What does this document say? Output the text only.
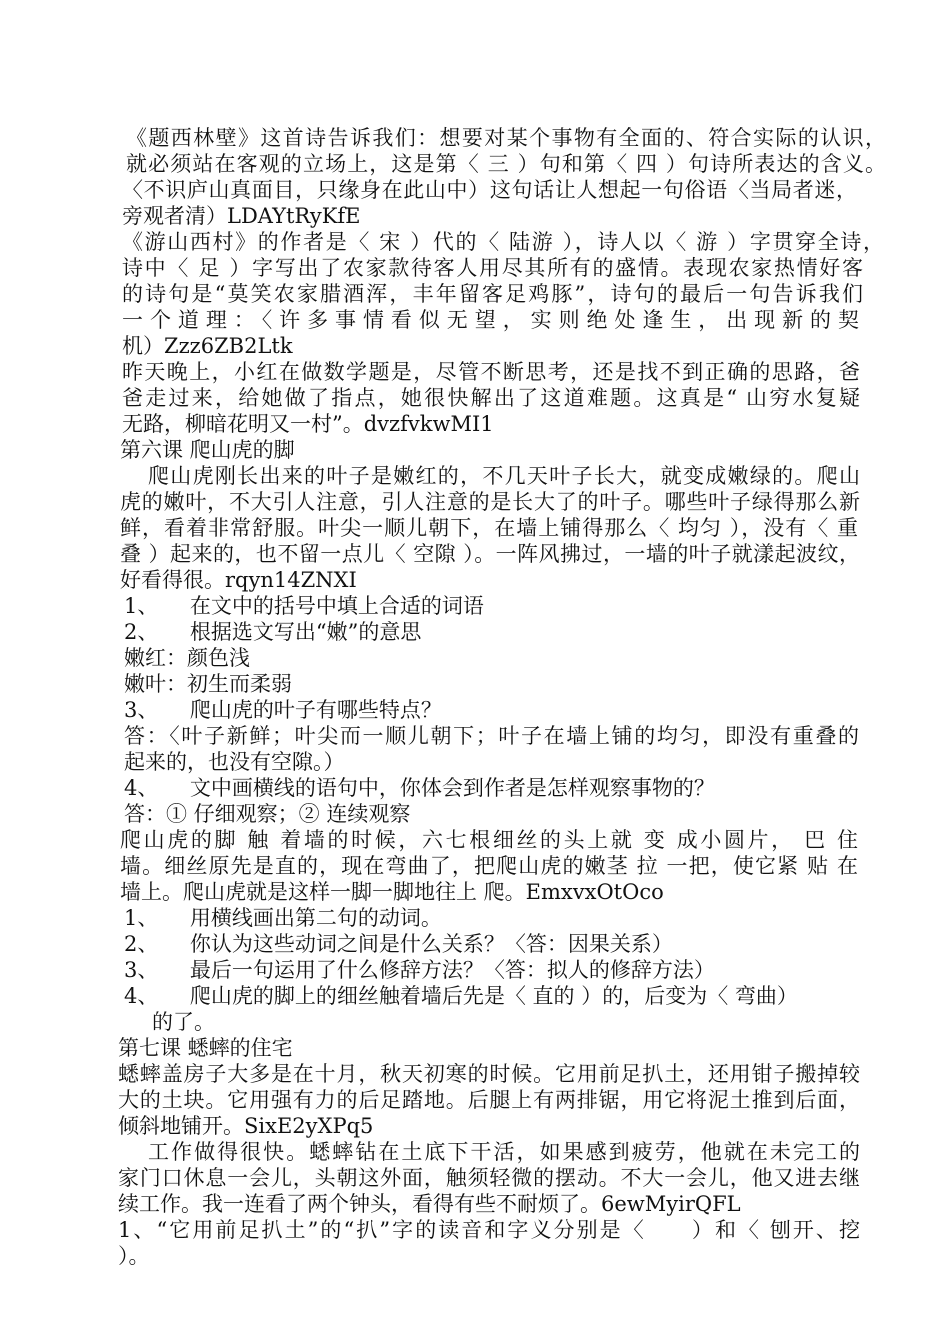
《题西林壁》这首诗告诉我们：想要对某个事物有全面的、符合实际的认识，
就必须站在客观的立场上，这是第〈 三 ）句和第〈 四 ）句诗所表达的含义。
〈不识庐山真面目，只缘身在此山中）这句话让人想起一句俗语〈当局者迷，
旁观者清）LDAYtRyKfE
《游山西村》的作者是〈 宋 ）代的〈 陆游 ），诗人以〈 游 ）字贯穿全诗，
诗中〈 足 ）字写出了农家款待客人用尽其所有的盛情。表现农家热情好客
的诗句是“莫笑农家腊酒浑，丰年留客足鸡豚”，诗句的最后一句告诉我们
一个道理：〈许多事情看似无望，实则绝处逢生，出现新的契
机）Zzz6ZB2Ltk
昨天晚上，小红在做数学题是，尽管不断思考，还是找不到正确的思路，爸
爸走过来，给她做了指点，她很快解出了这道难题。这真是“ 山穷水复疑
无路，柳暗花明又一村”。dvzfvkwMI1
第六课 爬山虎的脚
爬山虎刚长出来的叶子是嫩红的，不几天叶子长大，就变成嫩绿的。爬山
虎的嫩叶，不大引人注意，引人注意的是长大了的叶子。哪些叶子绿得那么新
鲜，看着非常舒服。叶尖一顺儿朝下，在墙上铺得那么〈 均匀 ），没有〈 重
叠 ）起来的，也不留一点儿〈 空隙 ）。一阵风拂过，一墙的叶子就漾起波纹，
好看得很。rqyn14ZNXI
1、　　在文中的括号中填上合适的词语
2、　　根据选文写出“嫩”的意思
嫩红：颜色浅
嫩叶：初生而柔弱
3、　　爬山虎的叶子有哪些特点？
答：〈叶子新鲜；叶尖而一顺儿朝下；叶子在墙上铺的均匀，即没有重叠的
起来的，也没有空隙。）
4、　　文中画横线的语句中，你体会到作者是怎样观察事物的？
答：① 仔细观察；② 连续观察
爬山虎的脚 触 着墙的时候，六七根细丝的头上就 变 成小圆片， 巴 住
墙。细丝原先是直的，现在弯曲了，把爬山虎的嫩茎 拉 一把，使它紧 贴 在
墙上。爬山虎就是这样一脚一脚地往上 爬。EmxvxOtOco
1、　　用横线画出第二句的动词。
2、　　你认为这些动词之间是什么关系？〈答：因果关系）
3、　　最后一句运用了什么修辞方法？〈答：拟人的修辞方法）
4、　　爬山虎的脚上的细丝触着墙后先是〈 直的 ）的，后变为〈 弯曲）
的了。
第七课 蟋蟀的住宅
蟋蟀盖房子大多是在十月，秋天初寒的时候。它用前足扒土，还用钳子搬掉较
大的土块。它用强有力的后足踏地。后腿上有两排锯，用它将泥土推到后面，
倾斜地铺开。SixE2yXPq5
工作做得很快。蟋蟀钻在土底下干活，如果感到疲劳，他就在未完工的
家门口休息一会儿，头朝这外面，触须轻微的摆动。不大一会儿，他又进去继
续工作。我一连看了两个钟头，看得有些不耐烦了。6ewMyirQFL
1、“它用前足扒土”的“扒”字的读音和字义分别是〈　　）和〈 刨开、挖
）。
